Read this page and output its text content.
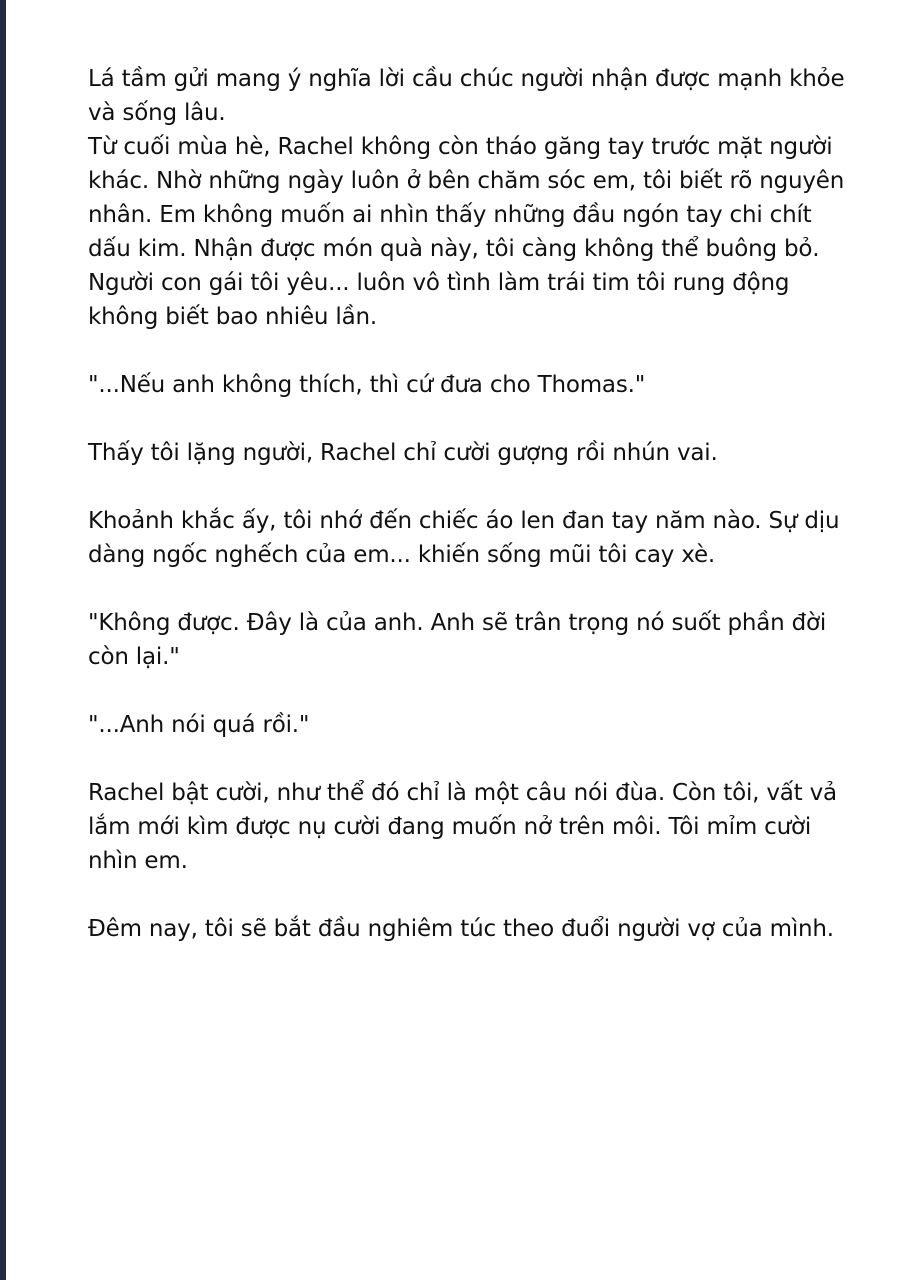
Lá tầm gửi mang ý nghĩa lời cầu chúc người nhận được mạnh khỏe và sống lâu.

Từ cuối mùa hè, Rachel không còn tháo găng tay trước mặt người khác. Nhờ những ngày luôn ở bên chăm sóc em, tôi biết rõ nguyên nhân. Em không muốn ai nhìn thấy những đầu ngón tay chi chít dấu kim. Nhận được món quà này, tôi càng không thể buông bỏ. Người con gái tôi yêu... luôn vô tình làm trái tim tôi rung động không biết bao nhiêu lần.

"...Nếu anh không thích, thì cứ đưa cho Thomas."

Thấy tôi lặng người, Rachel chỉ cười gượng rồi nhún vai.

Khoảnh khắc ấy, tôi nhớ đến chiếc áo len đan tay năm nào. Sự dịu dàng ngốc nghếch của em... khiến sống mũi tôi cay xè.

"Không được. Đây là của anh. Anh sẽ trân trọng nó suốt phần đời còn lại."

"...Anh nói quá rồi."

Rachel bật cười, như thể đó chỉ là một câu nói đùa. Còn tôi, vất vả lắm mới kìm được nụ cười đang muốn nở trên môi. Tôi mỉm cười nhìn em.

Đêm nay, tôi sẽ bắt đầu nghiêm túc theo đuổi người vợ của mình.
